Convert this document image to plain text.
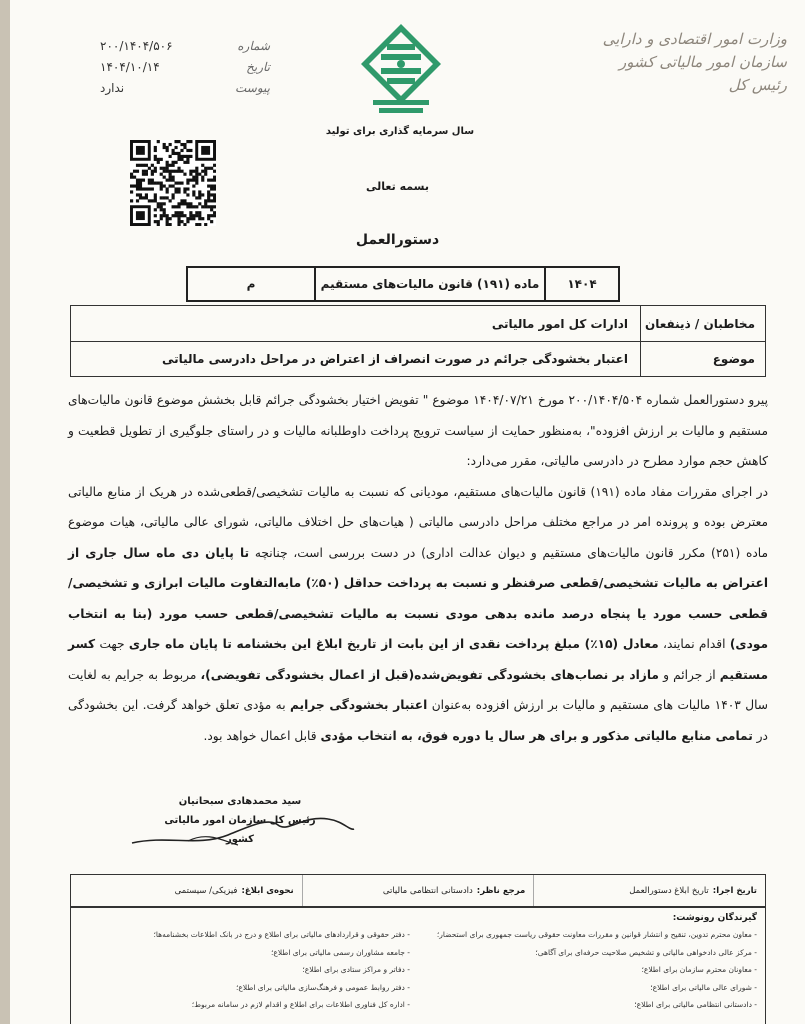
وزارت امور اقتصادی و دارایی
سازمان امور مالیاتی کشور
رئیس کل
سال سرمایه گذاری برای تولید
شماره
۲۰۰/۱۴۰۴/۵۰۶
تاریخ
۱۴۰۴/۱۰/۱۴
پیوست
ندارد
بسمه تعالی
دستورالعمل
۱۴۰۴
ماده (۱۹۱) قانون مالیات‌های مستقیم
م
مخاطبان / ذینفعان
ادارات کل امور مالیاتی
موضوع
اعتبار بخشودگی جرائم در صورت انصراف از اعتراض در مراحل دادرسی مالیاتی

پیرو دستورالعمل شماره ۲۰۰/۱۴۰۴/۵۰۴ مورخ ۱۴۰۴/۰۷/۲۱ موضوع " تفویض اختیار بخشودگی جرائم قابل بخشش موضوع قانون مالیات‌های مستقیم و مالیات بر ارزش افزوده"، به‌منظور حمایت از سیاست ترویج پرداخت داوطلبانه مالیات و در راستای جلوگیری از تطویل قطعیت و کاهش حجم موارد مطرح در دادرسی مالیاتی، مقرر می‌دارد:

در اجرای مقررات مفاد ماده (۱۹۱) قانون مالیات‌های مستقیم، مودیانی که نسبت به مالیات تشخیصی/قطعی‌شده در هریک از منابع مالیاتی معترض بوده و پرونده امر در مراجع مختلف مراحل دادرسی مالیاتی ( هیات‌های حل اختلاف مالیاتی، شورای عالی مالیاتی، هیات موضوع ماده (۲۵۱) مکرر قانون مالیات‌های مستقیم و دیوان عدالت اداری) در دست بررسی است، چنانچه تا پایان دی ماه سال جاری از اعتراض به مالیات تشخیصی/قطعی صرفنظر و نسبت به پرداخت حداقل (۵۰٪) مابه‌التفاوت مالیات ابرازی و تشخیصی/قطعی حسب مورد یا پنجاه درصد مانده بدهی مودی نسبت به مالیات تشخیصی/قطعی حسب مورد (بنا به انتخاب مودی) اقدام نمایند، معادل (۱۵٪) مبلغ پرداخت نقدی از این بابت از تاریخ ابلاغ این بخشنامه تا پایان ماه جاری جهت کسر مستقیم از جرائم و مازاد بر نصاب‌های بخشودگی تفویض‌شده(قبل از اعمال بخشودگی تفویضی)، مربوط به جرایم به لغایت سال ۱۴۰۳ مالیات های مستقیم و مالیات بر ارزش افزوده به‌عنوان اعتبار بخشودگی جرایم به مؤدی تعلق خواهد گرفت. این بخشودگی در تمامی منابع مالیاتی مذکور و برای هر سال یا دوره فوق، به انتخاب مؤدی قابل اعمال خواهد بود.

سید محمدهادی سبحانیان
رئیس کل سازمان امور مالیاتی کشور
تاریخ اجرا:
تاریخ ابلاغ دستورالعمل
مرجع ناظر:
دادستانی انتظامی مالیاتی
نحوه‌ی ابلاغ:
فیزیکی/ سیستمی
گیرندگان رونوشت:
- معاون محترم تدوین، تنقیح و انتشار قوانین و مقررات معاونت حقوقی ریاست جمهوری برای استحضار؛
- مرکز عالی دادخواهی مالیاتی و تشخیص صلاحیت حرفه‌ای برای آگاهی؛
- معاونان محترم سازمان برای اطلاع؛
- شورای عالی مالیاتی برای اطلاع؛
- دادستانی انتظامی مالیاتی برای اطلاع؛
- دفتر حقوقی و قراردادهای مالیاتی برای اطلاع و درج در بانک اطلاعات بخشنامه‌ها؛
- جامعه مشاوران رسمی مالیاتی برای اطلاع؛
- دفاتر و مراکز ستادی برای اطلاع؛
- دفتر روابط عمومی و فرهنگ‌سازی مالیاتی برای اطلاع؛
- اداره کل فناوری اطلاعات برای اطلاع و اقدام لازم در سامانه مربوط؛
